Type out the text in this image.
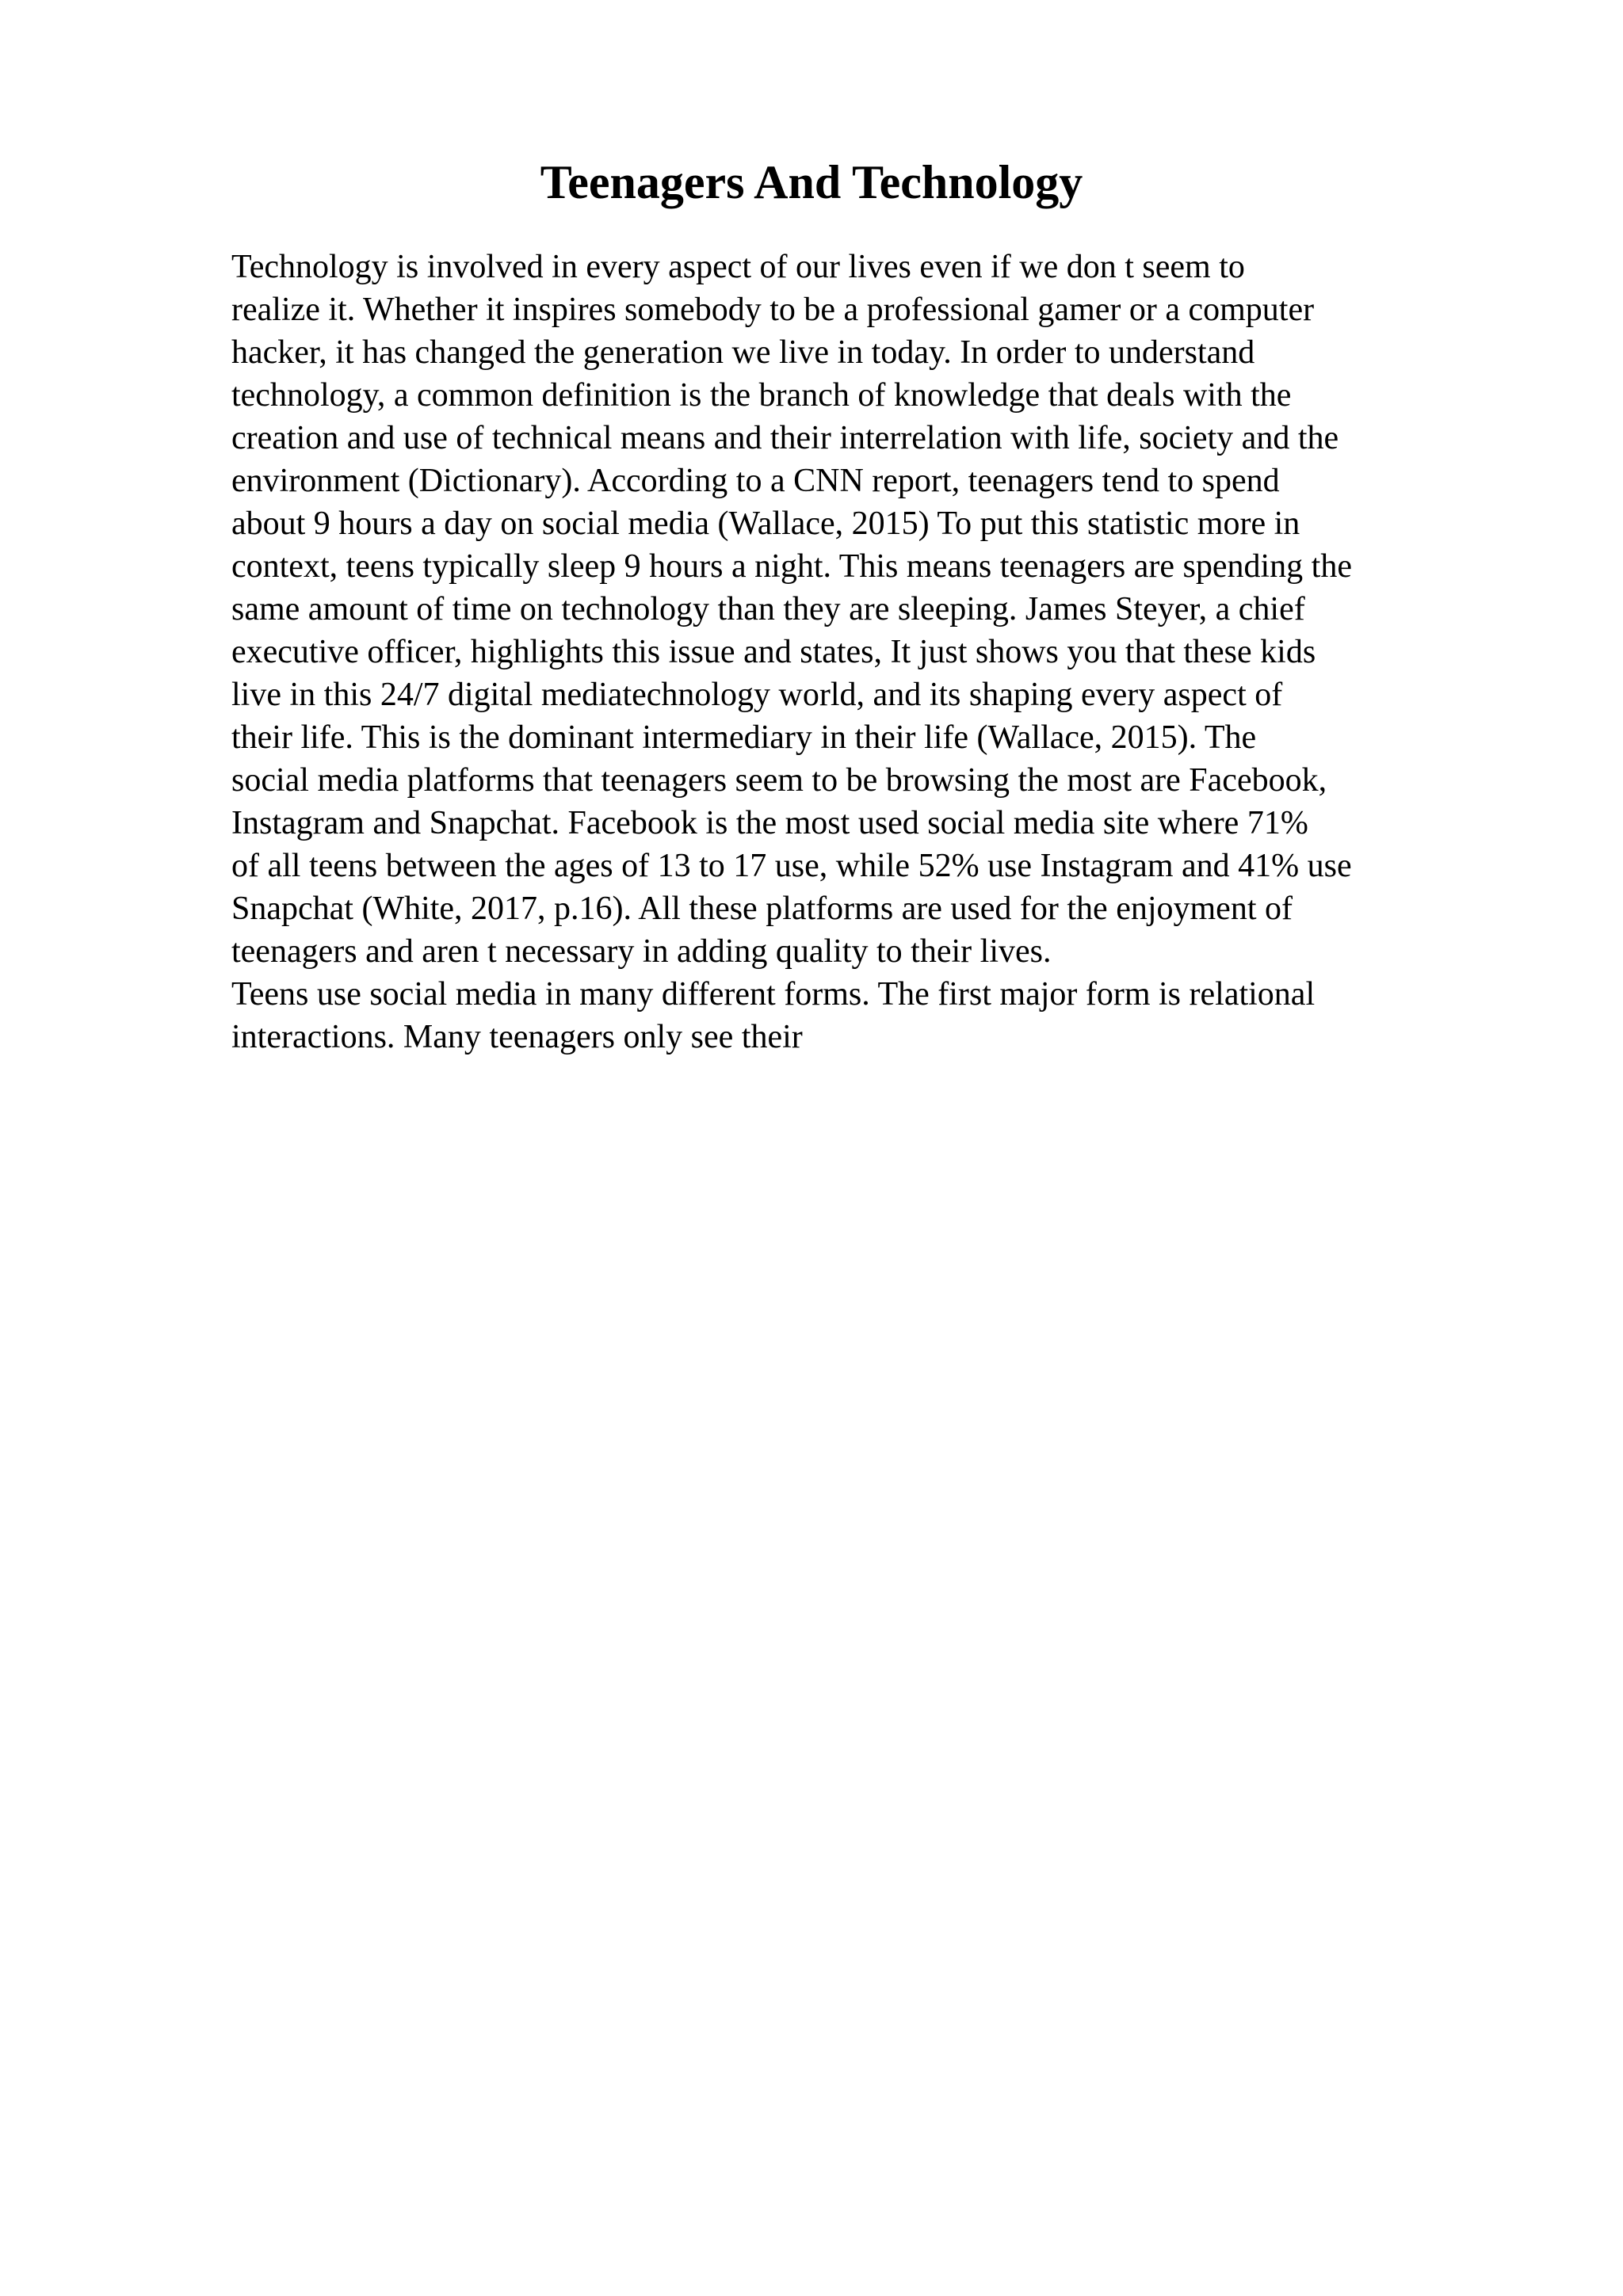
Teenagers And Technology
Technology is involved in every aspect of our lives even if we don t seem to
realize it. Whether it inspires somebody to be a professional gamer or a computer
hacker, it has changed the generation we live in today. In order to understand
technology, a common definition is the branch of knowledge that deals with the
creation and use of technical means and their interrelation with life, society and the
environment (Dictionary). According to a CNN report, teenagers tend to spend
about 9 hours a day on social media (Wallace, 2015) To put this statistic more in
context, teens typically sleep 9 hours a night. This means teenagers are spending the
same amount of time on technology than they are sleeping. James Steyer, a chief
executive officer, highlights this issue and states, It just shows you that these kids
live in this 24/7 digital mediatechnology world, and its shaping every aspect of
their life. This is the dominant intermediary in their life (Wallace, 2015). The
social media platforms that teenagers seem to be browsing the most are Facebook,
Instagram and Snapchat. Facebook is the most used social media site where 71%
of all teens between the ages of 13 to 17 use, while 52% use Instagram and 41% use
Snapchat (White, 2017, p.16). All these platforms are used for the enjoyment of
teenagers and aren t necessary in adding quality to their lives.
Teens use social media in many different forms. The first major form is relational
interactions. Many teenagers only see their
